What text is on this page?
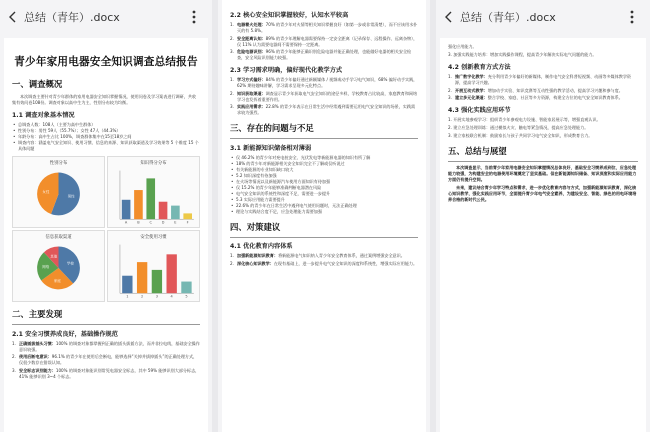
总结（青年）.docx
青少年家用电器安全知识调查总结报告
一、调查概况
本次调查主要针对青少年群体的家用电器安全知识掌握情况，使用问卷及学习案表进行调研，共收集有效问卷108份。调查对象以高中生为主，性别分布较为均衡。
1.1 调查对象基本情况
• 总调查人数：108人（主要为高中生群体）
• 性别分布：男性 59人（55.7%）；女性 47人（44.3%）
• 年龄分布：高中生占比 100%，调查群体集中在15至18岁之间
• 调查内容：涵盖电气安全知识、使用习惯、信息的来源、知识获取渠道及学习效果等 5 个维度 15 个具体问题
性别分布
男性
女性
知识得分分布
A	B	C	D	E	F
信息获取渠道
学校
家庭
网络
其他
安全使用习惯
1	2	3	4	5
二、主要发现
2.1 安全习惯养成良好，基础操作规范
1. 正确插拔插头习惯：100% 的调查对象都掌握到正确的插头拔插方法，而并非拉电线，基础安全操作意识较强。
2. 使用后断电意识：96.1% 的青少年在使用后会断电，能够选择“关掉并拔掉插头”的正确处理方式，仅很少数存在错误认知。
3. 安全标志识别能力：100% 的调查对象能识别常见电器安全标志，其中 59% 能够识别大部分标志，41% 能够识别 3~4 个标志。
2.2 核心安全知识掌握较好，认知水平较高
1. 电器着火处理：70% 的青少年对火情等相关知识掌握良好（如第一步或非常清楚），而不应该用水扑灭的有 5.8%。
2. 安全距离认知：89% 的青少年理解电器需要保持一定安全距离（记录保存、远程操作、远离杂物），仅 11% 认为需要电器间不需要保持一定距离。
3. 危险电器识别：96% 的青少年能够正确识别危险电器并能正确处理，也能做好电器的相关安全检查，安全风险识别能力较强。
2.3 学习需求明确，偏好现代化教学方式
1. 学习方式偏好：84% 的青少年偏好通过新颖媒体 / 视频或动手学习电气知识，68% 偏好动手实践，62% 期待趣味讲解，学习需求呈现多元化特点。
2. 知识获取渠道：调查显示青少年获取电气安全知识的途径多样，学校教育占比较高，家庭教育和网络学习也发挥着重要作用。
3. 实践应用需求：22.8% 的青少年表示在日常生活中经常遇到需要运用电气安全知识的场景，实践需求较为强烈。
三、存在的问题与不足
3.1 新能源知识储备相对薄弱
• 仅 46.2% 的青少年对充电桩安全、光伏发电等新能源电器的知识有所了解
• 18% 的青少年对新能源相关安全知识完全不了解或仅听说过
• 有关新能源的专业知识缺口较大
• 5.2 知识深度有待加强
• 在火场等情况以及新能源汽车使用方面知识有待加强
• 仅 15.2% 的青少年能够准确判断电器潜在风险
• 电气安全知识的系统性和深度不足，需要进一步提升
• 5.3 实际应用能力需要提升
• 22.6% 的青少年在日常生活中遇到电气使用问题时，无法正确处理
• 理论与实践结合度不足，应急处理能力需要加强
四、对策建议
4.1 优化教育内容体系
1. 加强新能源知识教育：将新能源电气知识纳入青少年安全教育体系，通过案例增强安全意识。
2. 深化核心知识教学：在现有基础上，进一步提升电气安全知识的深度和系统性，增强实际应用能力。
总结（青年）.docx
强化应用能力。
3. 加强实践能力培养：增加实践操作课程，提高青少年解决实际电气问题的能力。
4.2 创新教育方式方法
1. 推广数字化教学：充分利用青少年偏好的新媒体，制作电气安全科普短视频、动画等多媒体教学资源，提高学习兴趣。
2. 开展互动式教学：增加动手实验、知识竞赛等互动性强的教学活动，提高学习兴趣和参与度。
3. 建立多元化渠道：整合学校、家庭、社区等多方资源，构建全方位的电气安全知识教育体系。
4.3 强化实践应用环节
1. 开展实地参观学习：组织青少年参观电力设施、智能家居展示等，增强直观认识。
2. 建立应急处理训练：通过模拟火灾、触电等紧急情况，提高应急处理能力。
3. 建立家校联合机制：鼓励家长与孩子共同学习电气安全知识，形成教育合力。
五、总结与展望
本次调查显示，当前青少年家用电器安全知识掌握情况总体良好，基础安全习惯养成到位，应急处理能力较强，为构建安全的电器使用环境奠定了坚实基础。但在新能源知识储备、知识深度和实际应用能力方面仍有提升空间。
未来，建议结合青少年学习特点和需求，进一步优化教育内容与方式，加强新能源知识教育，深化核心知识教学，强化实践应用环节，全面提升青少年电气安全素养，为建设安全、智能、绿色的用电环境培养合格的新时代公民。
